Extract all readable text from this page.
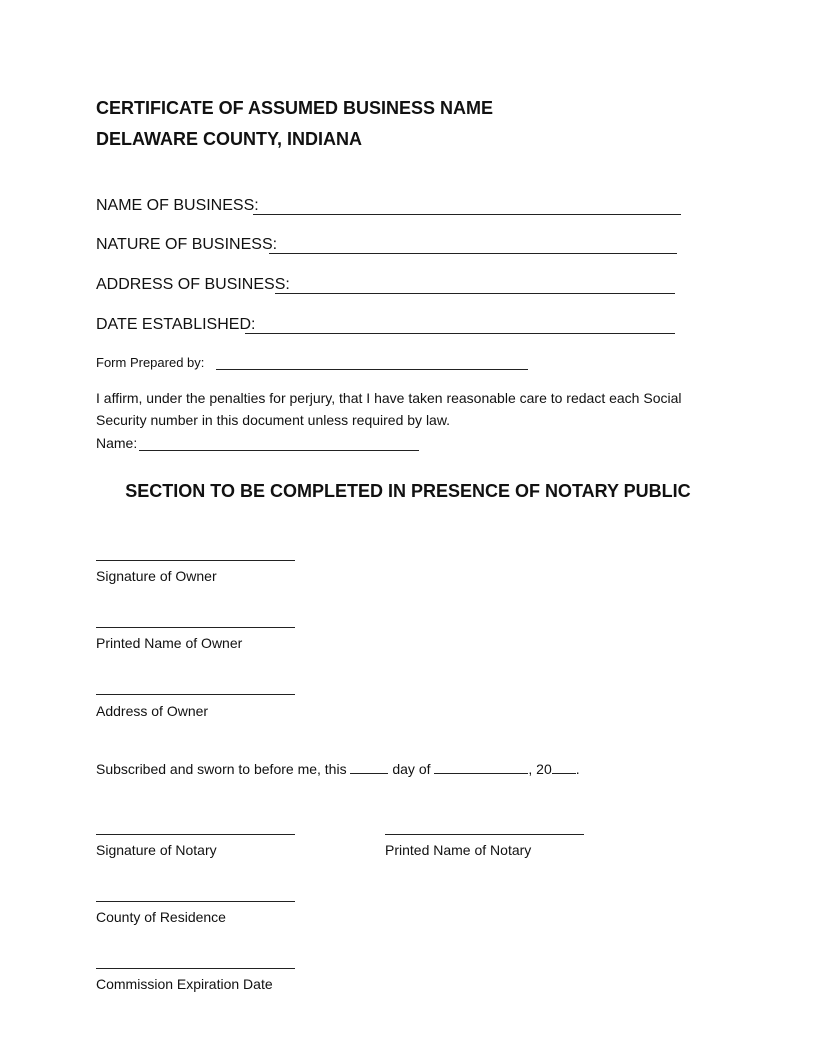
CERTIFICATE OF ASSUMED BUSINESS NAME
DELAWARE COUNTY, INDIANA
NAME OF BUSINESS:
NATURE OF BUSINESS:
ADDRESS OF BUSINESS:
DATE ESTABLISHED:
Form Prepared by:
I affirm, under the penalties for perjury, that I have taken reasonable care to redact each Social
Security number in this document unless required by law.
Name:
SECTION TO BE COMPLETED IN PRESENCE OF NOTARY PUBLIC
Signature of Owner
Printed Name of Owner
Address of Owner
Subscribed and sworn to before me, this	day of	, 20 .
Signature of Notary	Printed Name of Notary
County of Residence
Commission Expiration Date
